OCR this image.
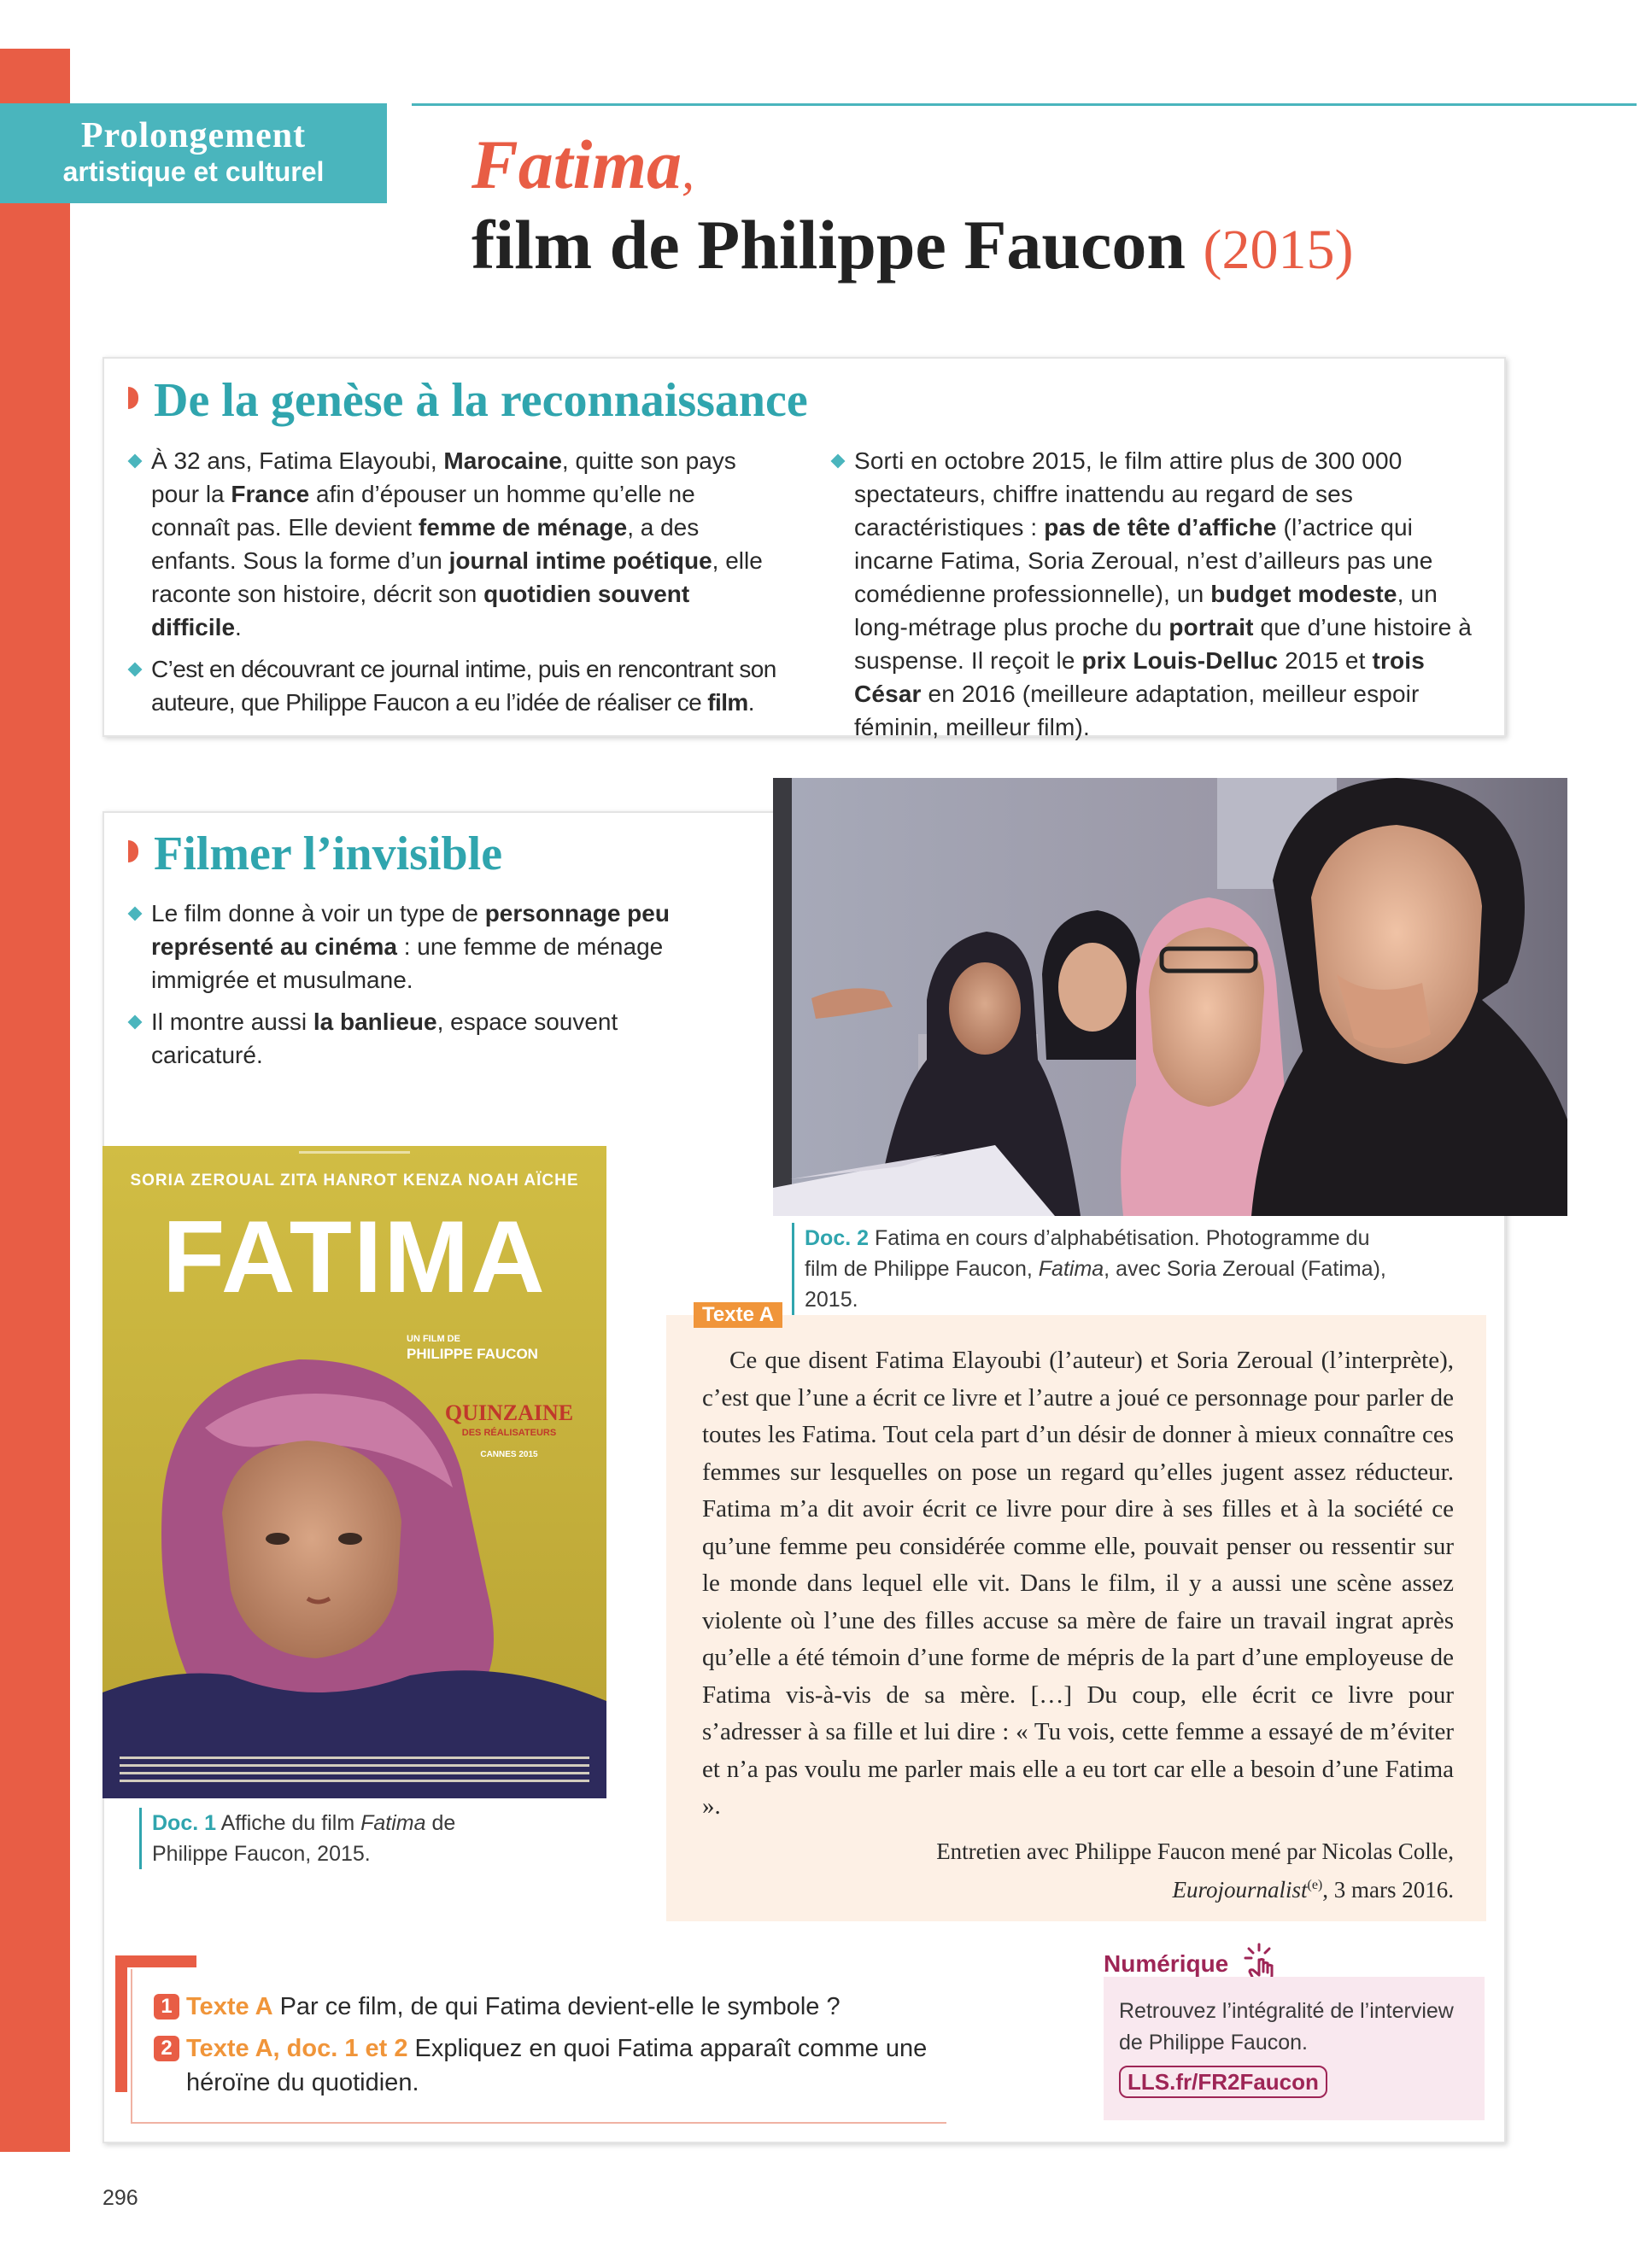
Prolongement
artistique et culturel	Fatima,
film de Philippe Faucon (2015)
De la genèse à la reconnaissance
À 32 ans, Fatima Elayoubi, Marocaine, quitte son pays pour la France afin d’épouser un homme qu’elle ne connaît pas. Elle devient femme de ménage, a des enfants. Sous la forme d’un journal intime poétique, elle raconte son histoire, décrit son quotidien souvent difficile.
C’est en découvrant ce journal intime, puis en rencontrant son auteure, que Philippe Faucon a eu l’idée de réaliser ce film.
Sorti en octobre 2015, le film attire plus de 300 000 spectateurs, chiffre inattendu au regard de ses caractéristiques : pas de tête d’affiche (l’actrice qui incarne Fatima, Soria Zeroual, n’est d’ailleurs pas une comédienne professionnelle), un budget modeste, un long-métrage plus proche du portrait que d’une histoire à suspense. Il reçoit le prix Louis-Delluc 2015 et trois César en 2016 (meilleure adaptation, meilleur espoir féminin, meilleur film).
Filmer l’invisible
Le film donne à voir un type de personnage peu représenté au cinéma : une femme de ménage immigrée et musulmane.
Il montre aussi la banlieue, espace souvent caricaturé.
Doc. 2 Fatima en cours d’alphabétisation. Photogramme du film de Philippe Faucon, Fatima, avec Soria Zeroual (Fatima), 2015.
SORIA ZEROUAL ZITA HANROT KENZA NOAH AÏCHE
FATIMA
UN FILM DE
PHILIPPE FAUCON
QUINZAINE
DES RÉALISATEURS
CANNES 2015
Doc. 1 Affiche du film Fatima de Philippe Faucon, 2015.
Texte A
Ce que disent Fatima Elayoubi (l’auteur) et Soria Zeroual (l’interprète), c’est que l’une a écrit ce livre et l’autre a joué ce personnage pour parler de toutes les Fatima. Tout cela part d’un désir de donner à mieux connaître ces femmes sur lesquelles on pose un regard qu’elles jugent assez réducteur. Fatima m’a dit avoir écrit ce livre pour dire à ses filles et à la société ce qu’une femme peu considérée comme elle, pouvait penser ou ressentir sur le monde dans lequel elle vit. Dans le film, il y a aussi une scène assez violente où l’une des filles accuse sa mère de faire un travail ingrat après qu’elle a été témoin d’une forme de mépris de la part d’une employeuse de Fatima vis-à-vis de sa mère. […] Du coup, elle écrit ce livre pour s’adresser à sa fille et lui dire : « Tu vois, cette femme a essayé de m’éviter et n’a pas voulu me parler mais elle a eu tort car elle a besoin d’une Fatima ».
Entretien avec Philippe Faucon mené par Nicolas Colle,
Eurojournalist$^{(e)}$, 3 mars 2016.
1 Texte A Par ce film, de qui Fatima devient-elle le symbole ?
2 Texte A, doc. 1 et 2 Expliquez en quoi Fatima apparaît comme une héroïne du quotidien.
Numérique
Retrouvez l’intégralité de l’interview de Philippe Faucon.
LLS.fr/FR2Faucon
296
